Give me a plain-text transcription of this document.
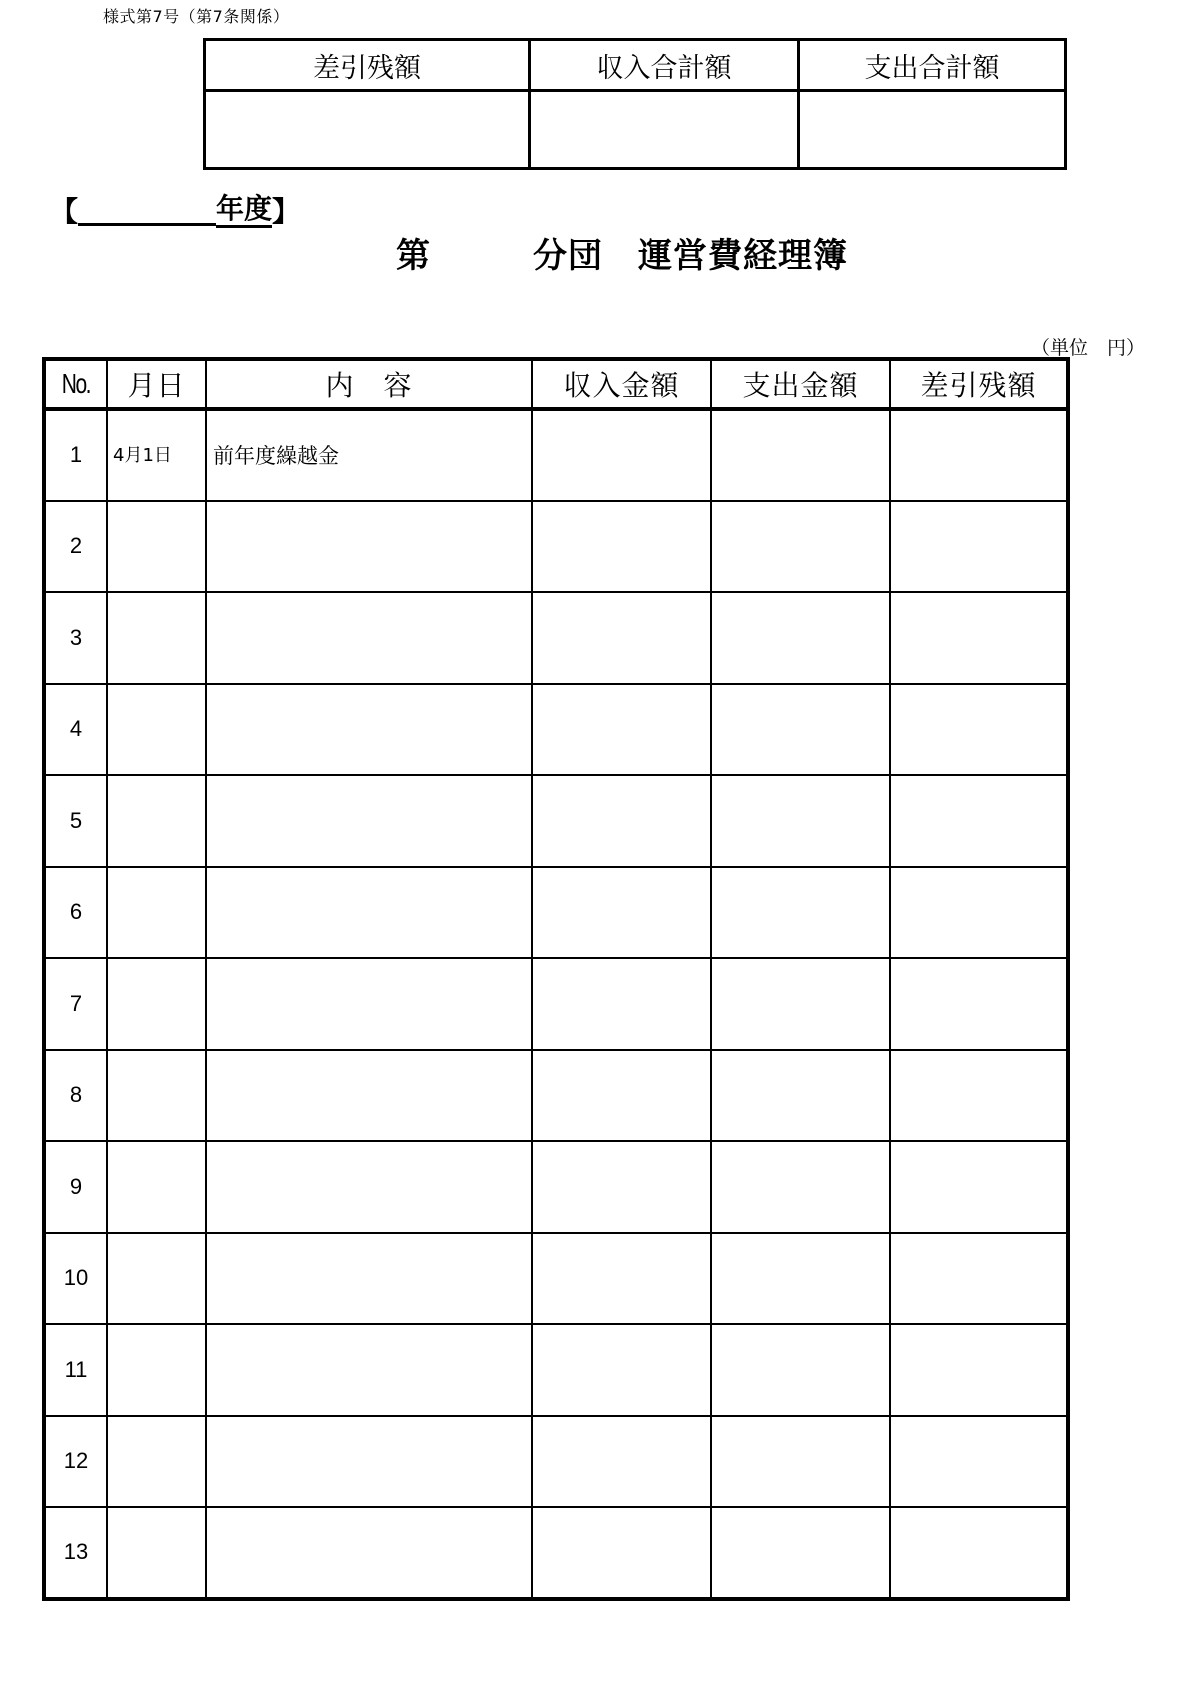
様式第7号（第7条関係）
差引残額	収入合計額	支出合計額

【	年度 】
第	分団　運営費経理簿
（単位　円）
No.	月日	内　容	収入金額	支出金額	差引残額
1	4月1日	前年度繰越金			
2					
3					
4					
5					
6					
7					
8					
9					
10					
11					
12					
13					
